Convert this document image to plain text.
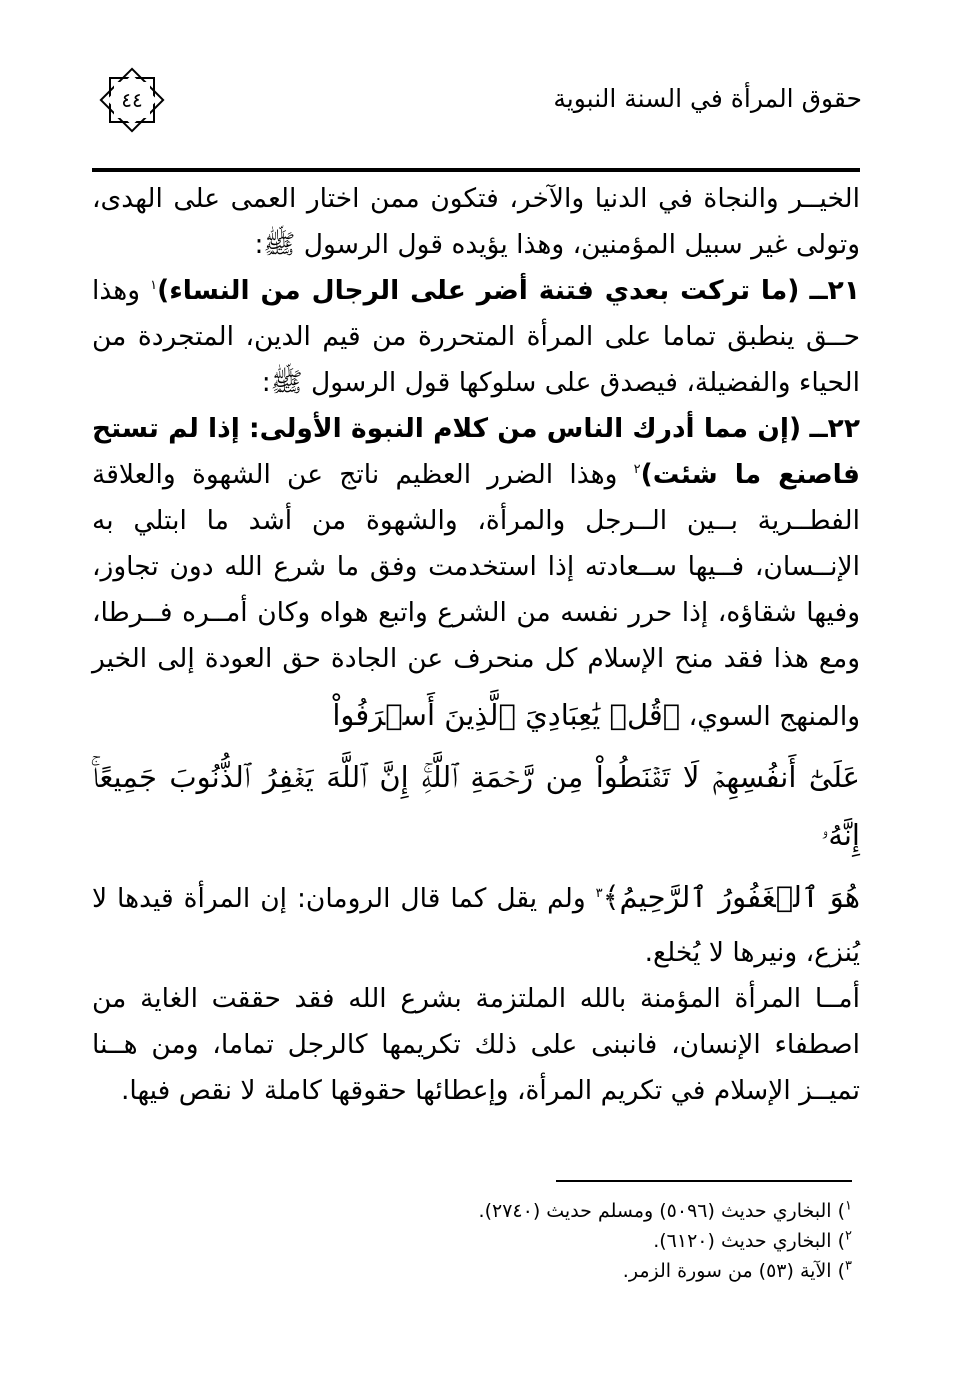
حقوق المرأة في السنة النبوية
٤٤

الخيــر والنجاة في الدنيا والآخر، فتكون ممن اختار العمى على الهدى، وتولى غير سبيل المؤمنين، وهذا يؤيده قول الرسول ﷺ:

٢١ــ (ما تركت بعدي فتنة أضر على الرجال من النساء)$^١$ وهذا حــق ينطبق تماما على المرأة المتحررة من قيم الدين، المتجردة من الحياء والفضيلة، فيصدق على سلوكها قول الرسول ﷺ:

٢٢ــ (إن مما أدرك الناس من كلام النبوة الأولى: إذا لم تستح فاصنع ما شئت)$^٢$ وهذا الضرر العظيم ناتج عن الشهوة والعلاقة الفطــرية بــين الــرجل والمرأة، والشهوة من أشد ما ابتلي به الإنــسان، فــيها ســعادته إذا استخدمت وفق ما شرع الله دون تجاوز، وفيها شقاؤه، إذا حرر نفسه من الشرع واتبع هواه وكان أمــره فــرطا، ومع هذا فقد منح الإسلام كل منحرف عن الجادة حق العودة إلى الخير والمنهج السوي، ﴿قُلۡ يَٰعِبَادِيَ ٱلَّذِينَ أَسۡرَفُواْ

عَلَىٰٓ أَنفُسِهِمۡ لَا تَقۡنَطُواْ مِن رَّحۡمَةِ ٱللَّهِۚ إِنَّ ٱللَّهَ يَغۡفِرُ ٱلذُّنُوبَ جَمِيعًاۚ إِنَّهُۥ

هُوَ ٱلۡغَفُورُ ٱلرَّحِيمُ﴾$^٣$ ولم يقل كما قال الرومان: إن المرأة قيدها لا يُنزع، ونيرها لا يُخلع.

أمــا المرأة المؤمنة بالله الملتزمة بشرع الله فقد حققت الغاية من اصطفاء الإنسان، فانبنى على ذلك تكريمها كالرجل تماما، ومن هــنا تميــز الإسلام في تكريم المرأة، وإعطائها حقوقها كاملة لا نقص فيها.

$^١$) البخاري حديث (٥٠٩٦) ومسلم حديث (٢٧٤٠).
$^٢$) البخاري حديث (٦١٢٠).
$^٣$) الآية (٥٣) من سورة الزمر.
